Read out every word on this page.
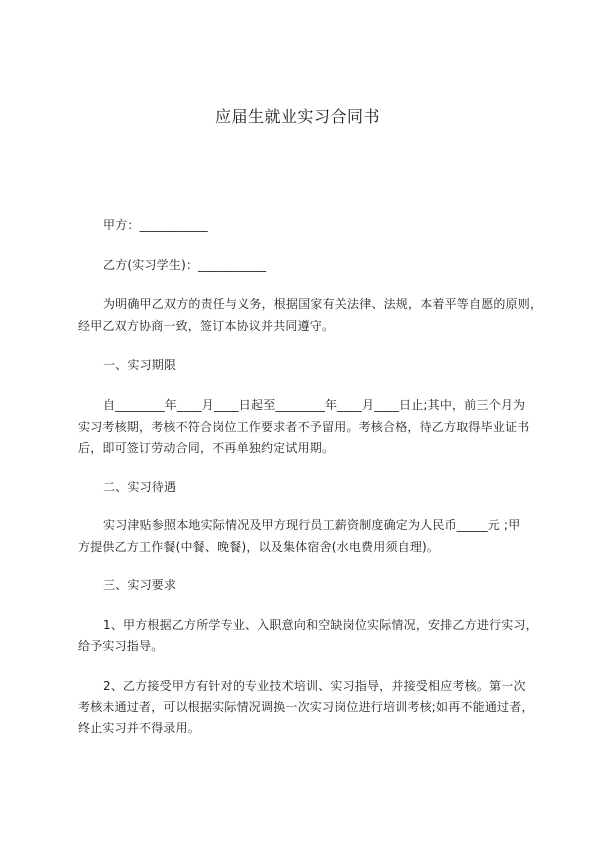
应届生就业实习合同书
甲方：___________
乙方(实习学生)：___________
为明确甲乙双方的责任与义务，根据国家有关法律、法规，本着平等自愿的原则，
经甲乙双方协商一致，签订本协议并共同遵守。
一、实习期限
自________年____月____日起至________年____月____日止;其中，前三个月为
实习考核期，考核不符合岗位工作要求者不予留用。考核合格，待乙方取得毕业证书
后，即可签订劳动合同，不再单独约定试用期。
二、实习待遇
实习津贴参照本地实际情况及甲方现行员工薪资制度确定为人民币_____元 ;甲
方提供乙方工作餐(中餐、晚餐)，以及集体宿舍(水电费用须自理)。
三、实习要求
1、甲方根据乙方所学专业、入职意向和空缺岗位实际情况，安排乙方进行实习，
给予实习指导。
2、乙方接受甲方有针对的专业技术培训、实习指导，并接受相应考核。第一次
考核未通过者，可以根据实际情况调换一次实习岗位进行培训考核;如再不能通过者，
终止实习并不得录用。
